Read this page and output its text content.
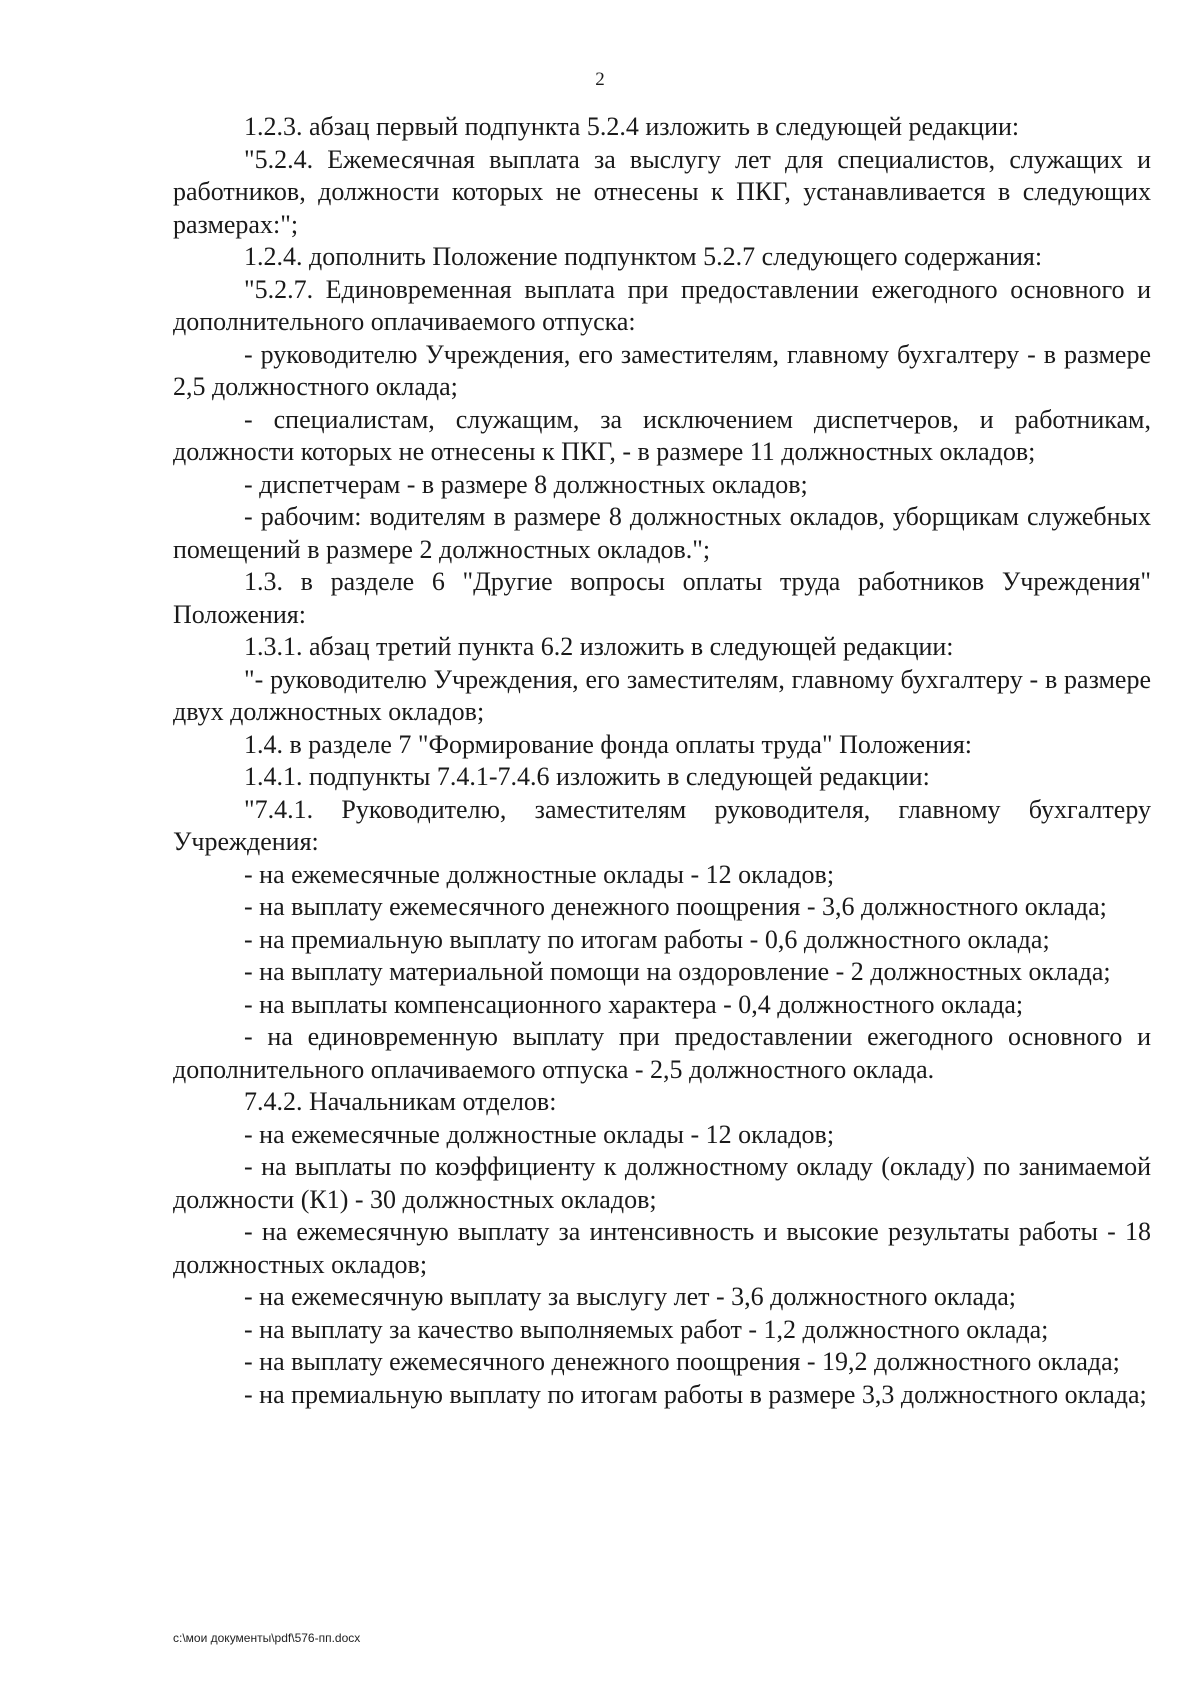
2

1.2.3. абзац первый подпункта 5.2.4 изложить в следующей редакции:

"5.2.4. Ежемесячная выплата за выслугу лет для специалистов, служащих и работников, должности которых не отнесены к ПКГ, устанавливается в следующих размерах:";

1.2.4. дополнить Положение подпунктом 5.2.7 следующего содержания:

"5.2.7. Единовременная выплата при предоставлении ежегодного основного и дополнительного оплачиваемого отпуска:

- руководителю Учреждения, его заместителям, главному бухгалтеру - в размере 2,5 должностного оклада;

- специалистам, служащим, за исключением диспетчеров, и работникам, должности которых не отнесены к ПКГ, - в размере 11 должностных окладов;

- диспетчерам - в размере 8 должностных окладов;

- рабочим: водителям в размере 8 должностных окладов, уборщикам служебных помещений в размере 2 должностных окладов.";

1.3. в разделе 6 "Другие вопросы оплаты труда работников Учреждения" Положения:

1.3.1. абзац третий пункта 6.2 изложить в следующей редакции:

"- руководителю Учреждения, его заместителям, главному бухгалтеру - в размере двух должностных окладов;

1.4. в разделе 7 "Формирование фонда оплаты труда" Положения:

1.4.1. подпункты 7.4.1-7.4.6 изложить в следующей редакции:

"7.4.1. Руководителю, заместителям руководителя, главному бухгалтеру Учреждения:

- на ежемесячные должностные оклады - 12 окладов;

- на выплату ежемесячного денежного поощрения - 3,6 должностного оклада;

- на премиальную выплату по итогам работы - 0,6 должностного оклада;

- на выплату материальной помощи на оздоровление - 2 должностных оклада;

- на выплаты компенсационного характера - 0,4 должностного оклада;

- на единовременную выплату при предоставлении ежегодного основного и дополнительного оплачиваемого отпуска - 2,5 должностного оклада.

7.4.2. Начальникам отделов:

- на ежемесячные должностные оклады - 12 окладов;

- на выплаты по коэффициенту к должностному окладу (окладу) по занимаемой должности (К1) - 30 должностных окладов;

- на ежемесячную выплату за интенсивность и высокие результаты работы - 18 должностных окладов;

- на ежемесячную выплату за выслугу лет - 3,6 должностного оклада;

- на выплату за качество выполняемых работ - 1,2 должностного оклада;

- на выплату ежемесячного денежного поощрения - 19,2 должностного оклада;

- на премиальную выплату по итогам работы в размере 3,3 должностного оклада;

c:\мои документы\pdf\576-пп.docx
